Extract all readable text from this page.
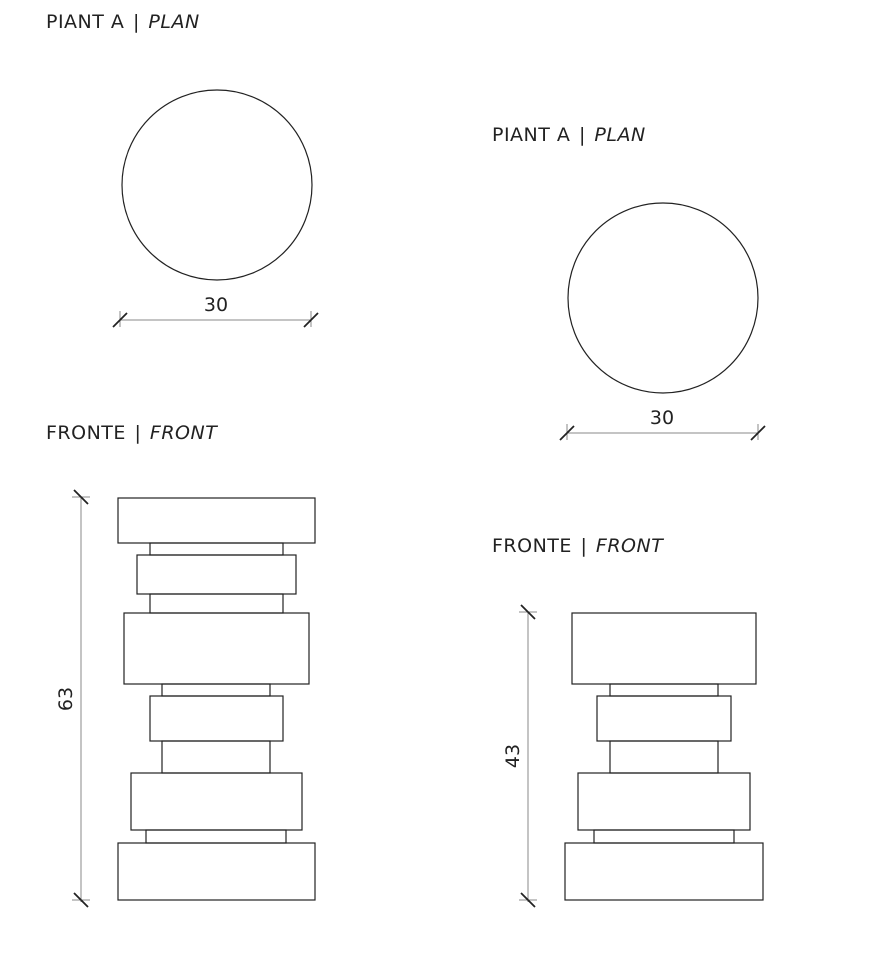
PIANT A | PLAN
PIANT A | PLAN
FRONTE | FRONT
FRONTE | FRONT
30
30
63
43
